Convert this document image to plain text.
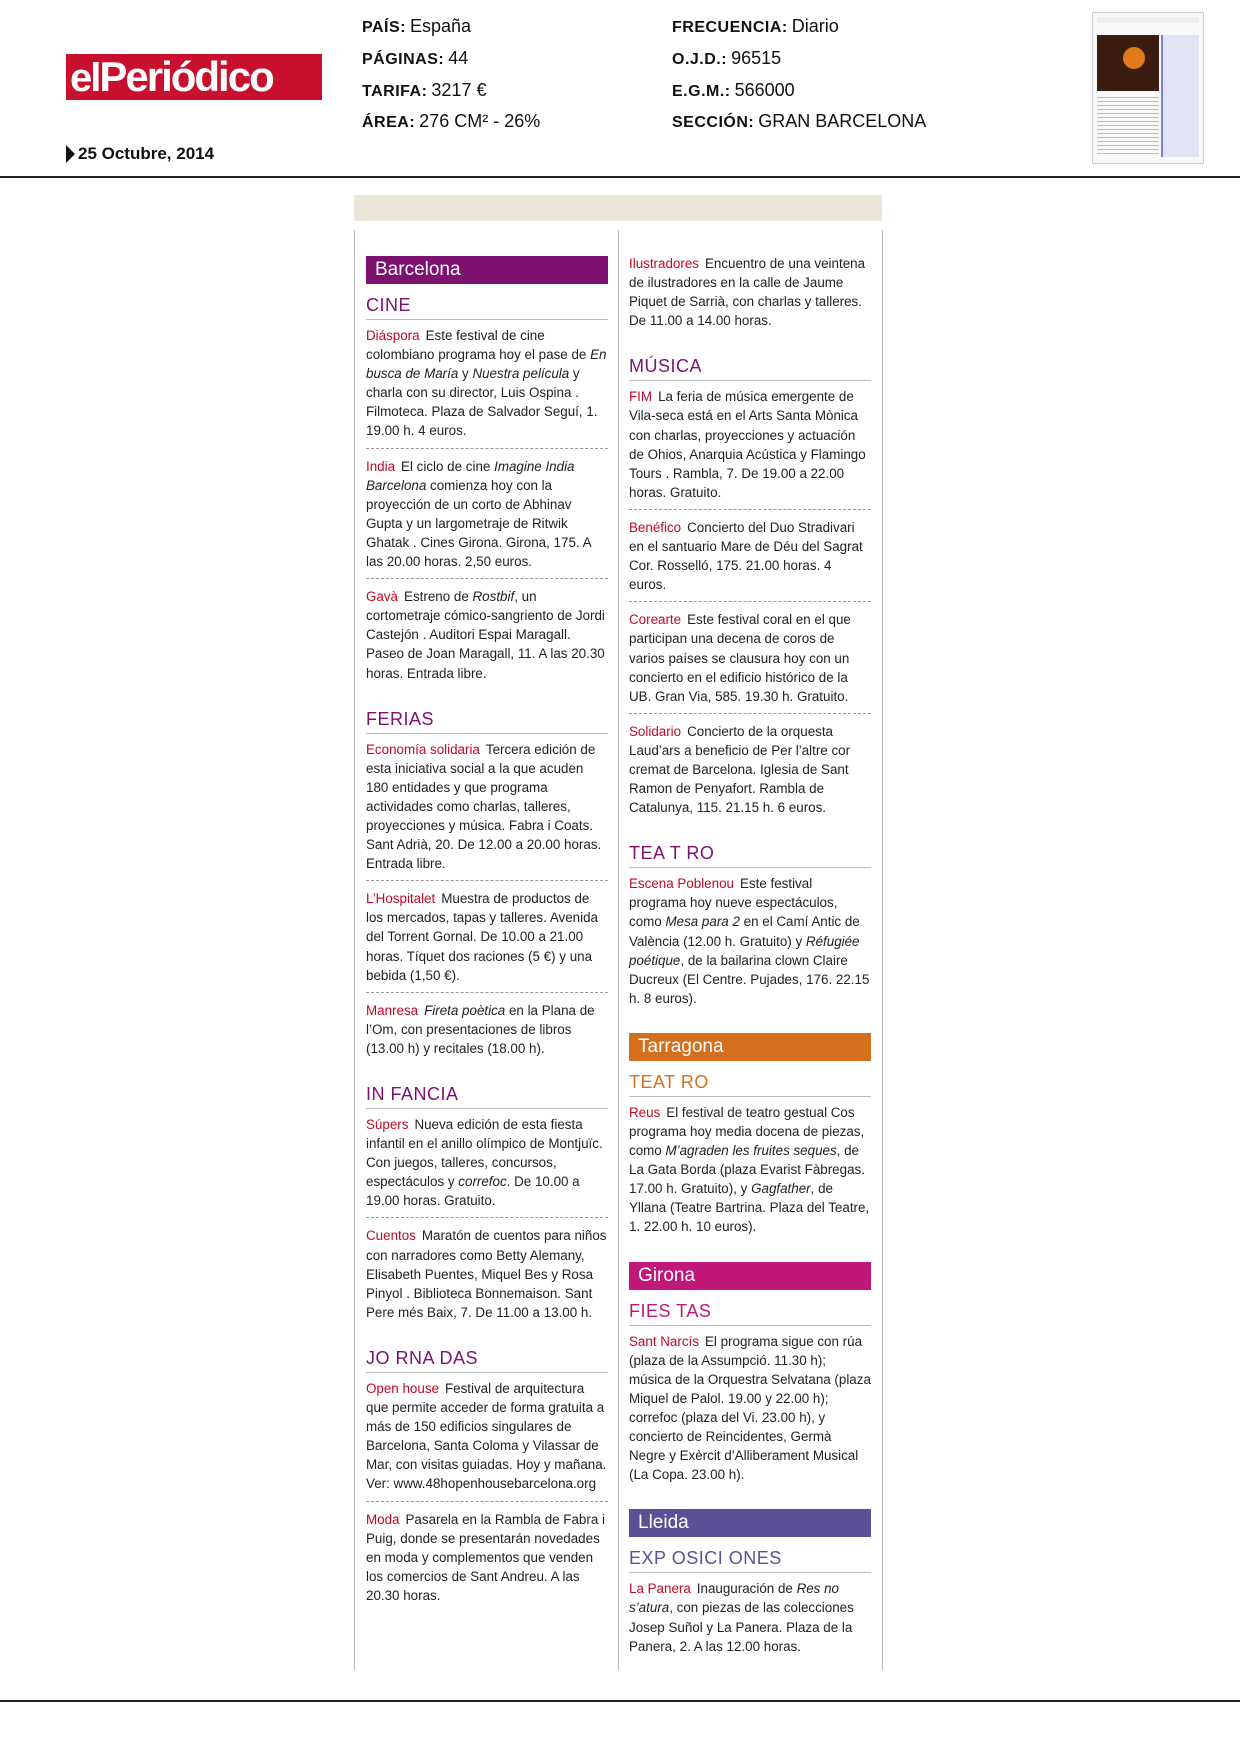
elPeriódico
25 Octubre, 2014
PAÍS: España
PÁGINAS: 44
TARIFA: 3217 €
ÁREA: 276 CM² - 26%
FRECUENCIA: Diario
O.J.D.: 96515
E.G.M.: 566000
SECCIÓN: GRAN BARCELONA
Barcelona
CINE
Diáspora Este festival de cine colombiano programa hoy el pase de En busca de María y Nuestra película y charla con su director, Luis Ospina . Filmoteca. Plaza de Salvador Seguí, 1. 19.00 h. 4 euros.
India El ciclo de cine Imagine India Barcelona comienza hoy con la proyección de un corto de Abhinav Gupta y un largometraje de Ritwik Ghatak . Cines Girona. Girona, 175. A las 20.00 horas. 2,50 euros.
Gavà Estreno de Rostbif, un cortometraje cómico-sangriento de Jordi Castejón . Auditori Espai Maragall. Paseo de Joan Maragall, 11. A las 20.30 horas. Entrada libre.
FERIAS
Economía solidaria Tercera edición de esta iniciativa social a la que acuden 180 entidades y que programa actividades como charlas, talleres, proyecciones y música. Fabra i Coats. Sant Adrià, 20. De 12.00 a 20.00 horas. Entrada libre.
L’Hospitalet Muestra de productos de los mercados, tapas y talleres. Avenida del Torrent Gornal. De 10.00 a 21.00 horas. Tíquet dos raciones (5 €) y una bebida (1,50 €).
Manresa Fireta poètica en la Plana de l’Om, con presentaciones de libros (13.00 h) y recitales (18.00 h).
IN FANCIA
Súpers Nueva edición de esta fiesta infantil en el anillo olímpico de Montjuïc. Con juegos, talleres, concursos, espectáculos y correfoc. De 10.00 a 19.00 horas. Gratuito.
Cuentos Maratón de cuentos para niños con narradores como Betty Alemany, Elisabeth Puentes, Miquel Bes y Rosa Pinyol . Biblioteca Bonnemaison. Sant Pere més Baix, 7. De 11.00 a 13.00 h.
JO RNA DAS
Open house Festival de arquitectura que permite acceder de forma gratuita a más de 150 edificios singulares de Barcelona, Santa Coloma y Vilassar de Mar, con visitas guiadas. Hoy y mañana. Ver: www.48hopenhousebarcelona.org
Moda Pasarela en la Rambla de Fabra i Puig, donde se presentarán novedades en moda y complementos que venden los comercios de Sant Andreu. A las 20.30 horas.
Ilustradores Encuentro de una veintena de ilustradores en la calle de Jaume Piquet de Sarrià, con charlas y talleres. De 11.00 a 14.00 horas.
MÚSICA
FIM La feria de música emergente de Vila-seca está en el Arts Santa Mònica con charlas, proyecciones y actuación de Ohios, Anarquia Acústica y Flamingo Tours . Rambla, 7. De 19.00 a 22.00 horas. Gratuito.
Benéfico Concierto del Duo Stradivari en el santuario Mare de Déu del Sagrat Cor. Rosselló, 175. 21.00 horas. 4 euros.
Corearte Este festival coral en el que participan una decena de coros de varios países se clausura hoy con un concierto en el edificio histórico de la UB. Gran Via, 585. 19.30 h. Gratuito.
Solidario Concierto de la orquesta Laud’ars a beneficio de Per l’altre cor cremat de Barcelona. Iglesia de Sant Ramon de Penyafort. Rambla de Catalunya, 115. 21.15 h. 6 euros.
TEA T RO
Escena Poblenou Este festival programa hoy nueve espectáculos, como Mesa para 2 en el Camí Antic de València (12.00 h. Gratuito) y Réfugiée poétique, de la bailarina clown Claire Ducreux (El Centre. Pujades, 176. 22.15 h. 8 euros).
Tarragona
TEAT RO
Reus El festival de teatro gestual Cos programa hoy media docena de piezas, como M’agraden les fruites seques, de La Gata Borda (plaza Evarist Fàbregas. 17.00 h. Gratuito), y Gagfather, de Yllana (Teatre Bartrina. Plaza del Teatre, 1. 22.00 h. 10 euros).
Girona
FIES TAS
Sant Narcís El programa sigue con rúa (plaza de la Assumpció. 11.30 h); música de la Orquestra Selvatana (plaza Miquel de Palol. 19.00 y 22.00 h); correfoc (plaza del Vi. 23.00 h), y concierto de Reincidentes, Germà Negre y Exèrcit d’Alliberament Musical (La Copa. 23.00 h).
Lleida
EXP OSICI ONES
La Panera Inauguración de Res no s’atura, con piezas de las colecciones Josep Suñol y La Panera. Plaza de la Panera, 2. A las 12.00 horas.
